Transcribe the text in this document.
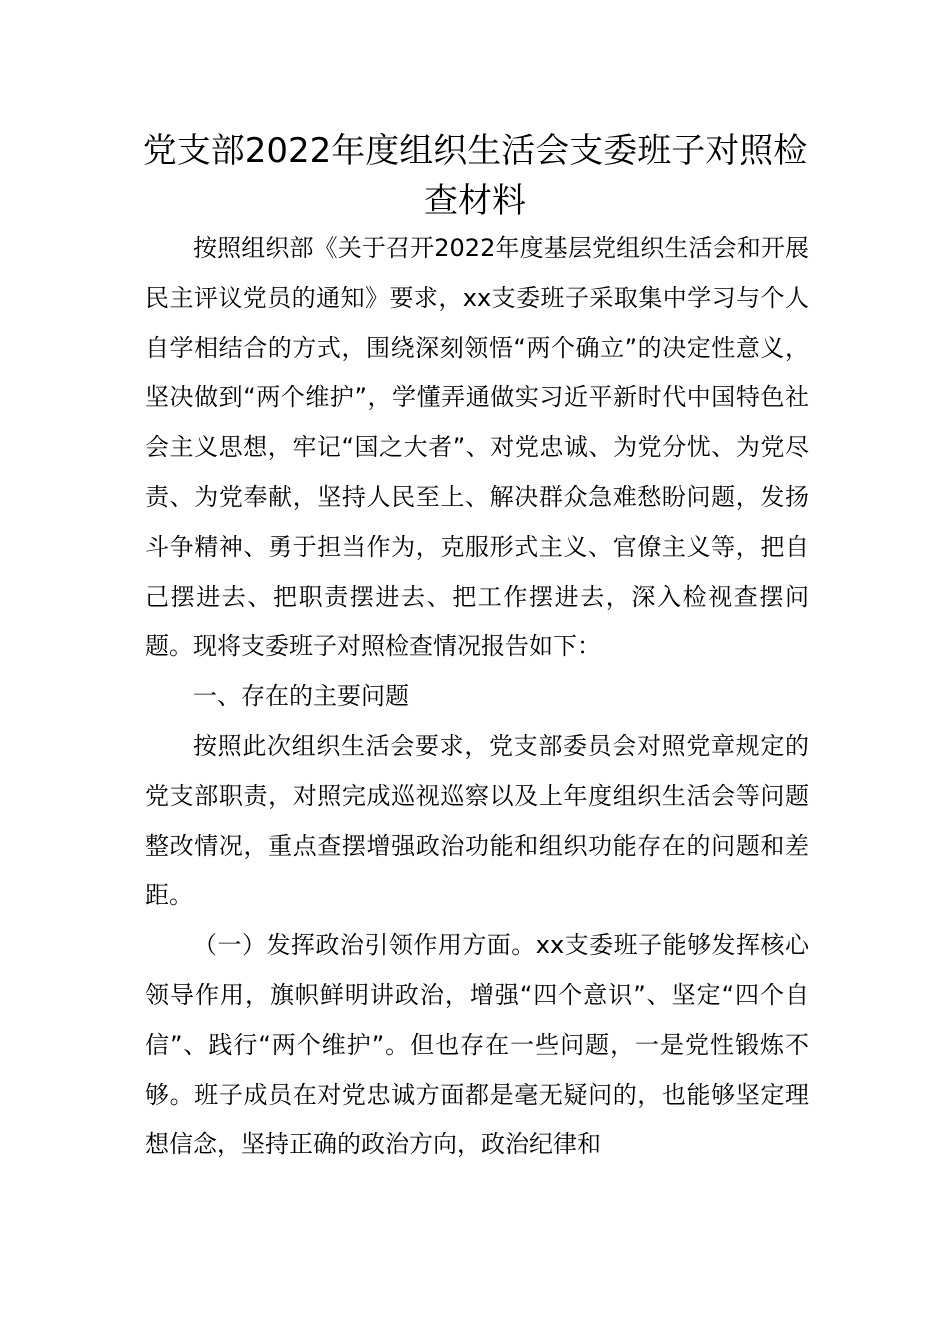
党支部2022年度组织生活会支委班子对照检查材料

按照组织部《关于召开2022年度基层党组织生活会和开展民主评议党员的通知》要求，xx支委班子采取集中学习与个人自学相结合的方式，围绕深刻领悟“两个确立”的决定性意义，坚决做到“两个维护”，学懂弄通做实习近平新时代中国特色社会主义思想，牢记“国之大者”、对党忠诚、为党分忧、为党尽责、为党奉献，坚持人民至上、解决群众急难愁盼问题，发扬斗争精神、勇于担当作为，克服形式主义、官僚主义等，把自己摆进去、把职责摆进去、把工作摆进去，深入检视查摆问题。现将支委班子对照检查情况报告如下：

一、存在的主要问题

按照此次组织生活会要求，党支部委员会对照党章规定的党支部职责，对照完成巡视巡察以及上年度组织生活会等问题整改情况，重点查摆增强政治功能和组织功能存在的问题和差距。

（一）发挥政治引领作用方面。xx支委班子能够发挥核心领导作用，旗帜鲜明讲政治，增强“四个意识”、坚定“四个自信”、践行“两个维护”。但也存在一些问题，一是党性锻炼不够。班子成员在对党忠诚方面都是毫无疑问的，也能够坚定理想信念，坚持正确的政治方向，政治纪律和
